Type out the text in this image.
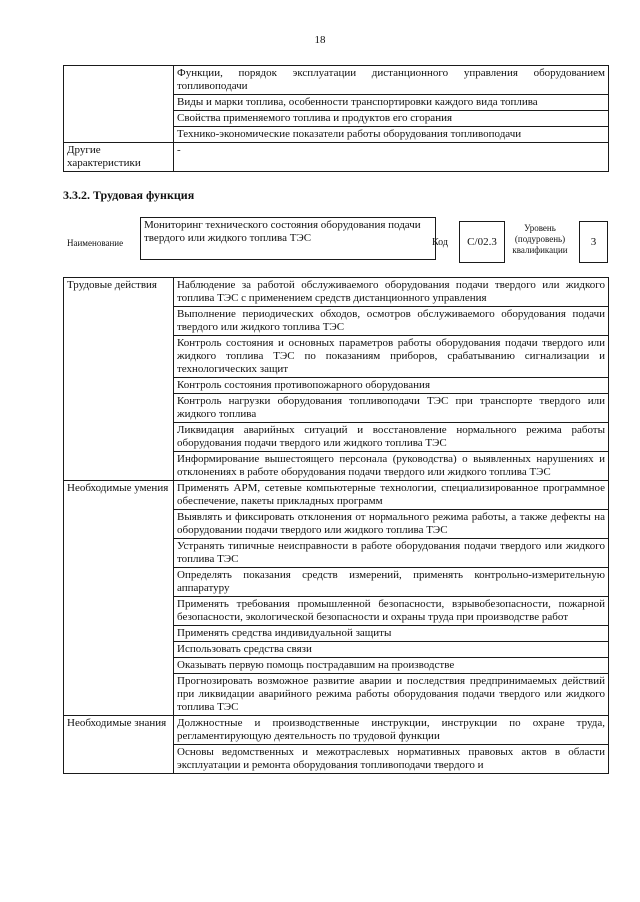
18
	Функции, порядок эксплуатации дистанционного управления оборудованием топливоподачи
	Виды и марки топлива, особенности транспортировки каждого вида топлива
	Свойства применяемого топлива и продуктов его сгорания
	Технико-экономические показатели работы оборудования топливоподачи
Другие характеристики	-
3.3.2. Трудовая функция
Наименование
Мониторинг технического состояния оборудования подачи твердого или жидкого топлива ТЭС	Код	С/02.3
Уровень (подуровень) квалификации
3
Трудовые действия	Наблюдение за работой обслуживаемого оборудования подачи твердого или жидкого топлива ТЭС с применением средств дистанционного управления
	Выполнение периодических обходов, осмотров обслуживаемого оборудования подачи твердого или жидкого топлива ТЭС
	Контроль состояния и основных параметров работы оборудования подачи твердого или жидкого топлива ТЭС по показаниям приборов, срабатыванию сигнализации и технологических защит
	Контроль состояния противопожарного оборудования
	Контроль нагрузки оборудования топливоподачи ТЭС при транспорте твердого или жидкого топлива
	Ликвидация аварийных ситуаций и восстановление нормального режима работы оборудования подачи твердого или жидкого топлива ТЭС
	Информирование вышестоящего персонала (руководства) о выявленных нарушениях и отклонениях в работе оборудования подачи твердого или жидкого топлива ТЭС
Необходимые умения	Применять АРМ, сетевые компьютерные технологии, специализированное программное обеспечение, пакеты прикладных программ
	Выявлять и фиксировать отклонения от нормального режима работы, а также дефекты на оборудовании подачи твердого или жидкого топлива ТЭС
	Устранять типичные неисправности в работе оборудования подачи твердого или жидкого топлива ТЭС
	Определять показания средств измерений, применять контрольно-измерительную аппаратуру
	Применять требования промышленной безопасности, взрывобезопасности, пожарной безопасности, экологической безопасности и охраны труда при производстве работ
	Применять средства индивидуальной защиты
	Использовать средства связи
	Оказывать первую помощь пострадавшим на производстве
	Прогнозировать возможное развитие аварии и последствия предпринимаемых действий при ликвидации аварийного режима работы оборудования подачи твердого или жидкого топлива ТЭС
Необходимые знания	Должностные и производственные инструкции, инструкции по охране труда, регламентирующую деятельность по трудовой функции
	Основы ведомственных и межотраслевых нормативных правовых актов в области эксплуатации и ремонта оборудования топливоподачи твердого и
